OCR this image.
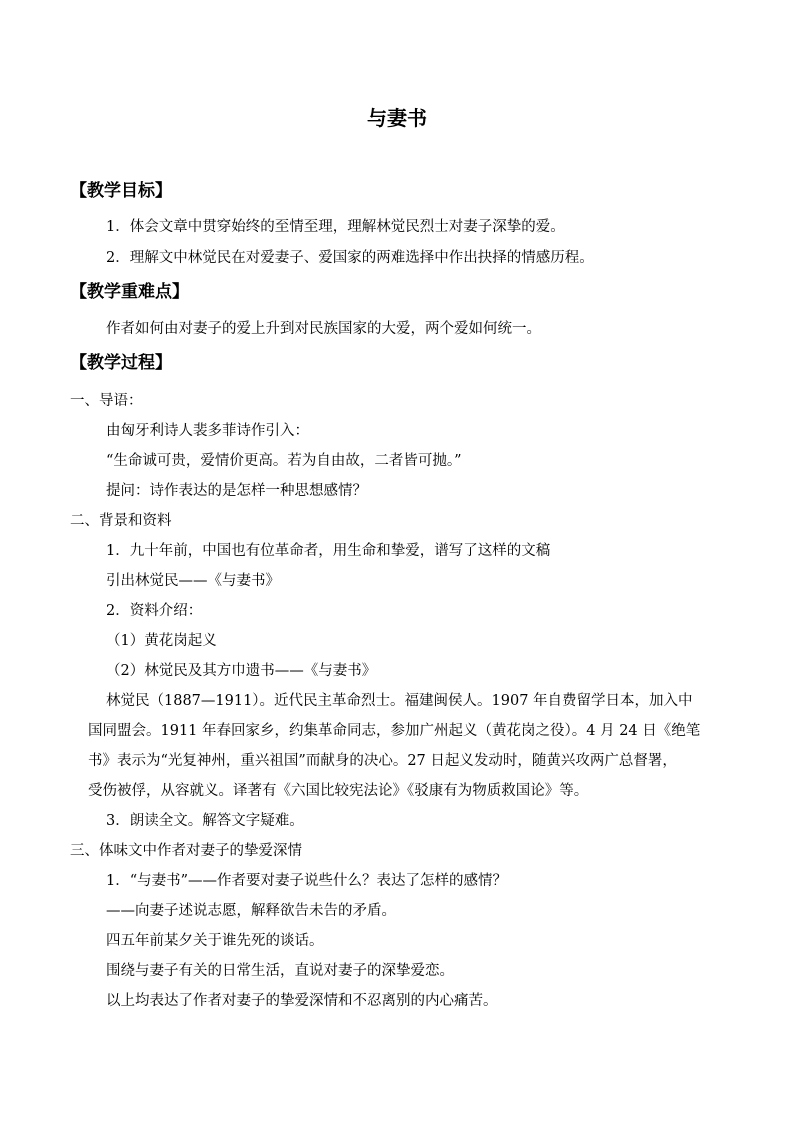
与妻书
【教学目标】
1．体会文章中贯穿始终的至情至理，理解林觉民烈士对妻子深挚的爱。
2．理解文中林觉民在对爱妻子、爱国家的两难选择中作出抉择的情感历程。
【教学重难点】
作者如何由对妻子的爱上升到对民族国家的大爱，两个爱如何统一。
【教学过程】
一、导语：
由匈牙利诗人裴多菲诗作引入：
“生命诚可贵，爱情价更高。若为自由故，二者皆可抛。”
提问：诗作表达的是怎样一种思想感情？
二、背景和资料
1．九十年前，中国也有位革命者，用生命和挚爱，谱写了这样的文稿
引出林觉民——《与妻书》
2．资料介绍：
（1）黄花岗起义
（2）林觉民及其方巾遗书——《与妻书》
林觉民（1887—1911）。近代民主革命烈士。福建闽侯人。1907 年自费留学日本，加入中
国同盟会。1911 年春回家乡，约集革命同志，参加广州起义（黄花岗之役）。4 月 24 日《绝笔
书》表示为“光复神州，重兴祖国”而献身的决心。27 日起义发动时，随黄兴攻两广总督署，
受伤被俘，从容就义。译著有《六国比较宪法论》《驳康有为物质救国论》等。
3．朗读全文。解答文字疑难。
三、体味文中作者对妻子的挚爱深情
1．“与妻书”——作者要对妻子说些什么？表达了怎样的感情？
——向妻子述说志愿，解释欲告未告的矛盾。
四五年前某夕关于谁先死的谈话。
围绕与妻子有关的日常生活，直说对妻子的深挚爱恋。
以上均表达了作者对妻子的挚爱深情和不忍离别的内心痛苦。
